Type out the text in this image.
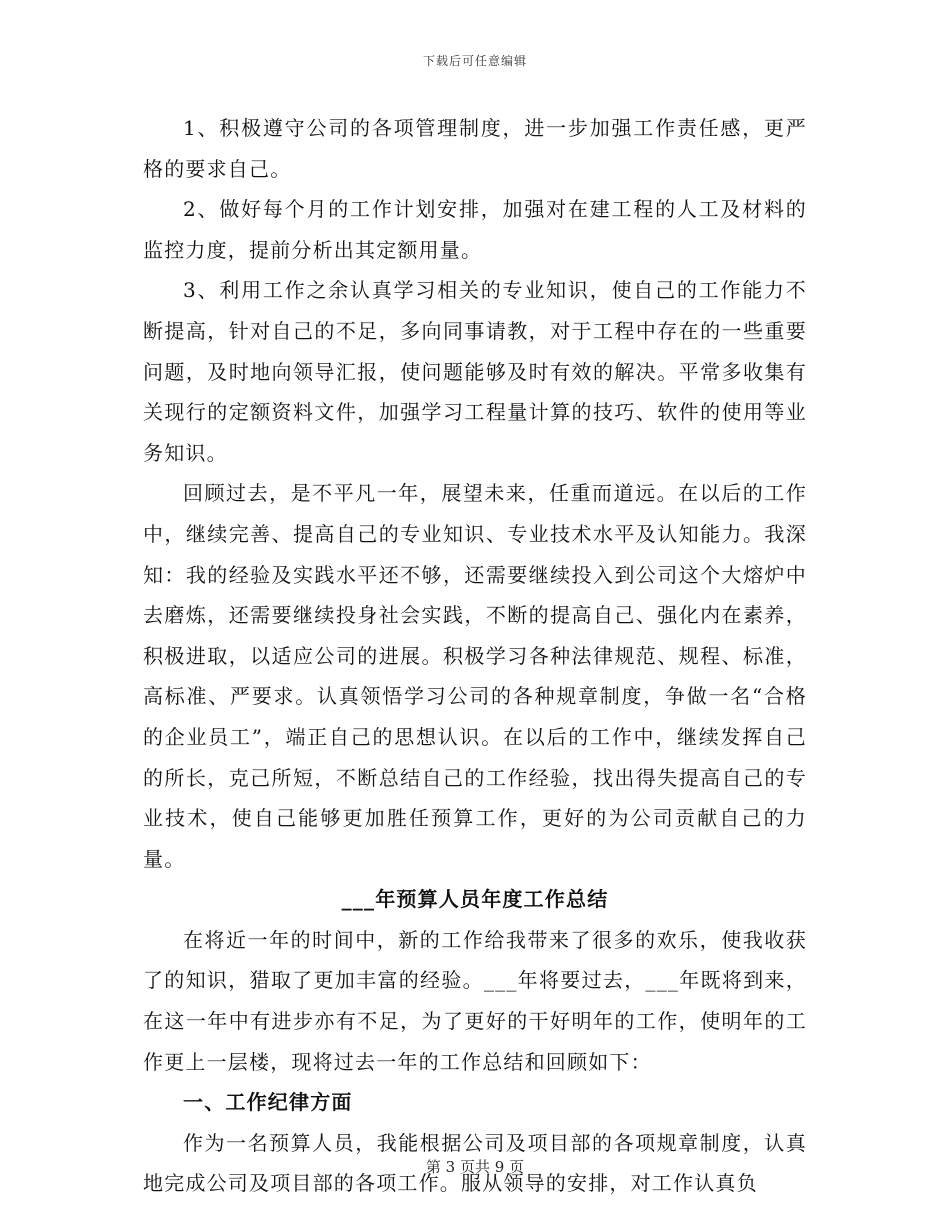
下载后可任意编辑

1、积极遵守公司的各项管理制度，进一步加强工作责任感，更严格的要求自己。

2、做好每个月的工作计划安排，加强对在建工程的人工及材料的监控力度，提前分析出其定额用量。

3、利用工作之余认真学习相关的专业知识，使自己的工作能力不断提高，针对自己的不足，多向同事请教，对于工程中存在的一些重要问题，及时地向领导汇报，使问题能够及时有效的解决。平常多收集有关现行的定额资料文件，加强学习工程量计算的技巧、软件的使用等业务知识。

回顾过去，是不平凡一年，展望未来，任重而道远。在以后的工作中，继续完善、提高自己的专业知识、专业技术水平及认知能力。我深知：我的经验及实践水平还不够，还需要继续投入到公司这个大熔炉中去磨炼，还需要继续投身社会实践，不断的提高自己、强化内在素养，积极进取，以适应公司的进展。积极学习各种法律规范、规程、标准，高标准、严要求。认真领悟学习公司的各种规章制度，争做一名“合格的企业员工”，端正自己的思想认识。在以后的工作中，继续发挥自己的所长，克己所短，不断总结自己的工作经验，找出得失提高自己的专业技术，使自己能够更加胜任预算工作，更好的为公司贡献自己的力量。

___年预算人员年度工作总结

在将近一年的时间中，新的工作给我带来了很多的欢乐，使我收获了的知识，猎取了更加丰富的经验。___年将要过去，___年既将到来，在这一年中有进步亦有不足，为了更好的干好明年的工作，使明年的工作更上一层楼，现将过去一年的工作总结和回顾如下：

一、工作纪律方面

作为一名预算人员，我能根据公司及项目部的各项规章制度，认真地完成公司及项目部的各项工作。服从领导的安排，对工作认真负

第 3 页共 9 页
